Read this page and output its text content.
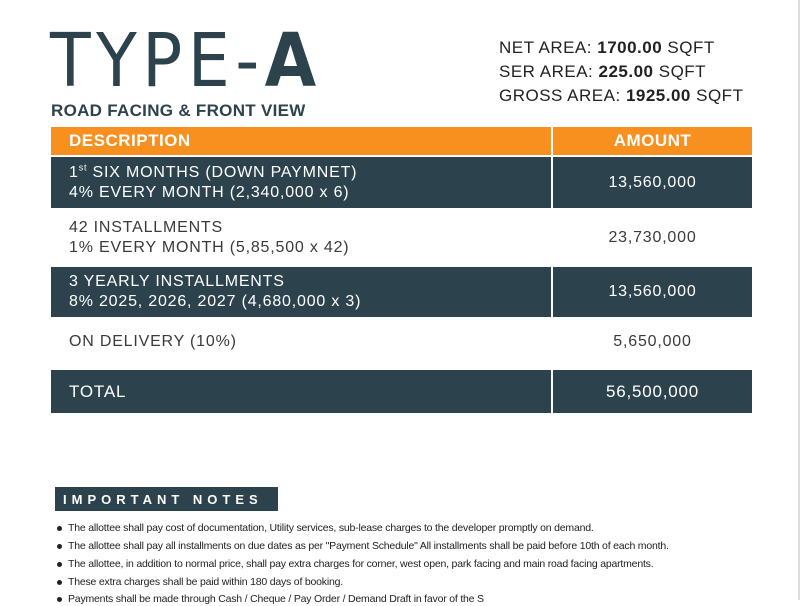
TYPE-A
ROAD FACING & FRONT VIEW
NET AREA: 1700.00 SQFT
SER AREA: 225.00 SQFT
GROSS AREA: 1925.00 SQFT
DESCRIPTION	AMOUNT
1st SIX MONTHS (DOWN PAYMNET)
4% EVERY MONTH (2,340,000 x 6)
13,560,000
42 INSTALLMENTS
1% EVERY MONTH (5,85,500 x 42)
23,730,000
3 YEARLY INSTALLMENTS
8% 2025, 2026, 2027 (4,680,000 x 3)
13,560,000
ON DELIVERY (10%)	5,650,000
TOTAL	56,500,000
IMPORTANT NOTES
The allottee shall pay cost of documentation, Utility services, sub-lease charges to the developer promptly on demand.
The allottee shall pay all installments on due dates as per "Payment Schedule" All installments shall be paid before 10th of each month.
The allottee, in addition to normal price, shall pay extra charges for corner, west open, park facing and main road facing apartments.
These extra charges shall be paid within 180 days of booking.
Payments shall be made through Cash / Cheque / Pay Order / Demand Draft in favor of the S
